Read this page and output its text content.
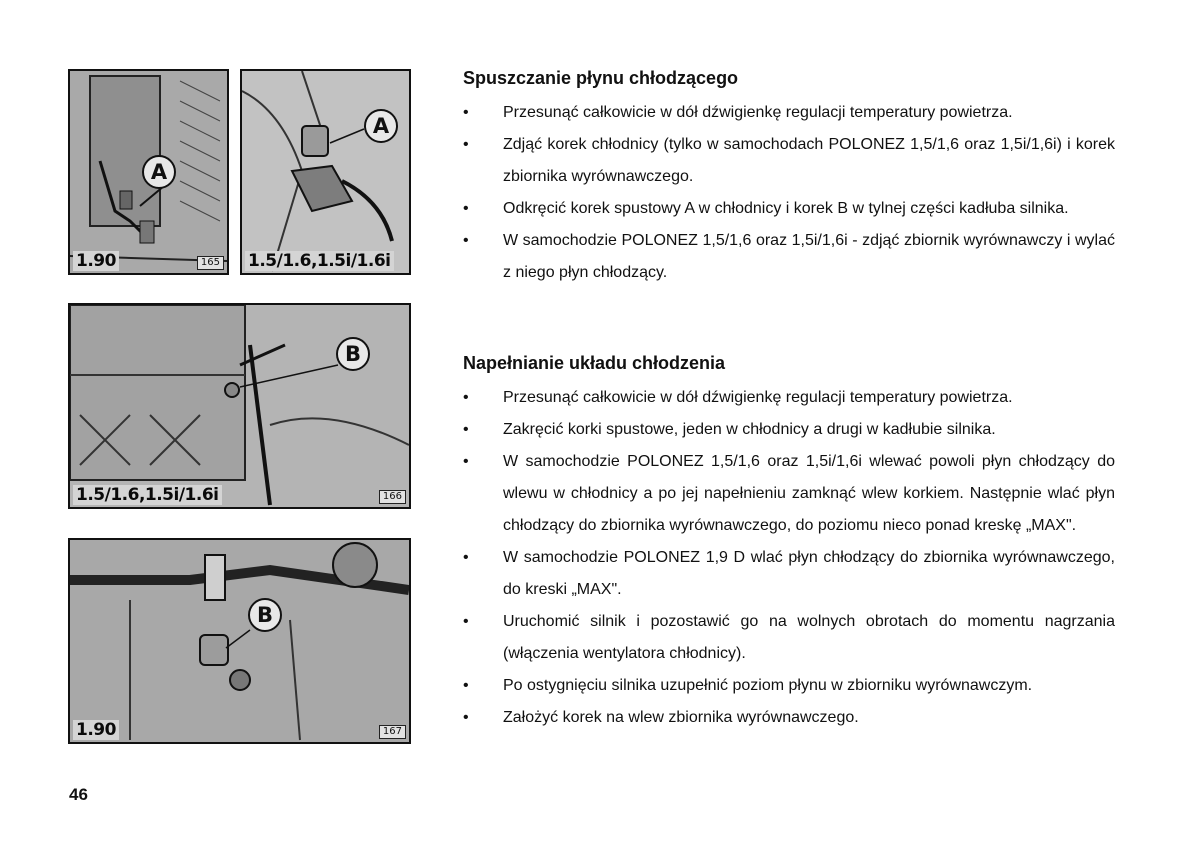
A
1.90	165
A
1.5/1.6,1.5i/1.6i
B
1.5/1.6,1.5i/1.6i	166
B
1.90	167
Spuszczanie płynu chłodzącego
• Przesunąć całkowicie w dół dźwigienkę regulacji temperatury powietrza.
• Zdjąć korek chłodnicy (tylko w samochodach POLONEZ 1,5/1,6 oraz 1,5i/1,6i) i korek zbiornika wyrównawczego.
• Odkręcić korek spustowy A w chłodnicy i korek B w tylnej części kadłuba silnika.
• W samochodzie POLONEZ 1,5/1,6 oraz 1,5i/1,6i - zdjąć zbiornik wyrównawczy i wylać z niego płyn chłodzący.
Napełnianie układu chłodzenia
• Przesunąć całkowicie w dół dźwigienkę regulacji temperatury powietrza.
• Zakręcić korki spustowe, jeden w chłodnicy a drugi w kadłubie silnika.
• W samochodzie POLONEZ 1,5/1,6 oraz 1,5i/1,6i wlewać powoli płyn chłodzący do wlewu w chłodnicy a po jej napełnieniu zamknąć wlew korkiem. Następnie wlać płyn chłodzący do zbiornika wyrównawczego, do poziomu nieco ponad kreskę „MAX".
• W samochodzie POLONEZ 1,9 D wlać płyn chłodzący do zbiornika wyrównawczego, do kreski „MAX".
• Uruchomić silnik i pozostawić go na wolnych obrotach do momentu nagrzania (włączenia wentylatora chłodnicy).
• Po ostygnięciu silnika uzupełnić poziom płynu w zbiorniku wyrównawczym.
• Założyć korek na wlew zbiornika wyrównawczego.
46
